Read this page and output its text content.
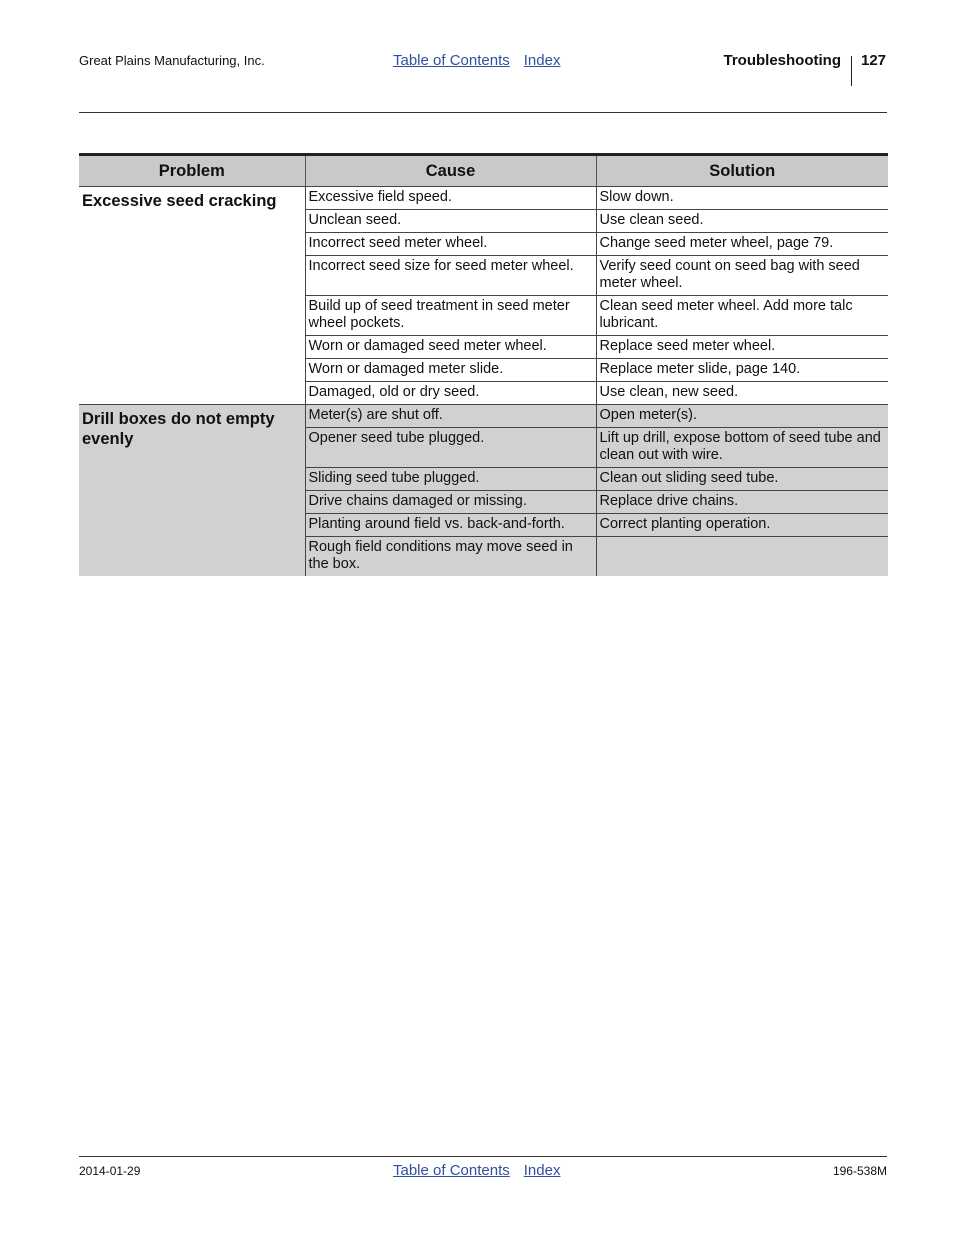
Great Plains Manufacturing, Inc.	Table of Contents Index	Troubleshooting 127
Problem	Cause	Solution
Excessive seed cracking	Excessive field speed.	Slow down.
	Unclean seed.	Use clean seed.
	Incorrect seed meter wheel.	Change seed meter wheel, page 79.
	Incorrect seed size for seed meter wheel.	Verify seed count on seed bag with seed meter wheel.
	Build up of seed treatment in seed meter wheel pockets.	Clean seed meter wheel. Add more talc lubricant.
	Worn or damaged seed meter wheel.	Replace seed meter wheel.
	Worn or damaged meter slide.	Replace meter slide, page 140.
	Damaged, old or dry seed.	Use clean, new seed.
Drill boxes do not empty evenly	Meter(s) are shut off.	Open meter(s).
	Opener seed tube plugged.	Lift up drill, expose bottom of seed tube and clean out with wire.
	Sliding seed tube plugged.	Clean out sliding seed tube.
	Drive chains damaged or missing.	Replace drive chains.
	Planting around field vs. back-and-forth.	Correct planting operation.
	Rough field conditions may move seed in the box.	
2014-01-29	Table of Contents Index	196-538M
